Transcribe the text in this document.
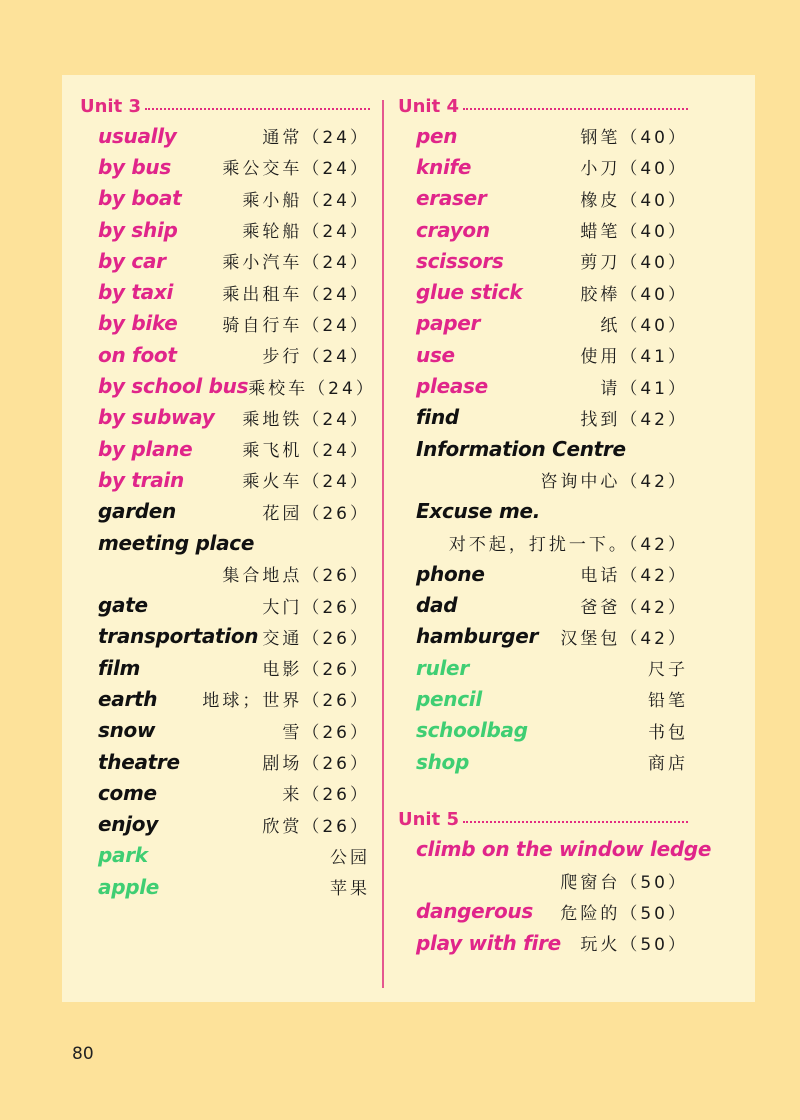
Unit 3
usually	通常（24）
by bus	乘公交车（24）
by boat	乘小船（24）
by ship	乘轮船（24）
by car	乘小汽车（24）
by taxi	乘出租车（24）
by bike	骑自行车（24）
on foot	步行（24）
by school bus 乘校车（24）
by subway 乘地铁（24）
by plane	乘飞机（24）
by train	乘火车（24）
garden	花园（26）
meeting place
集合地点（26）
gate	大门（26）
transportation 交通（26）
film	电影（26）
earth	地球；世界（26）
snow	雪（26）
theatre	剧场（26）
come	来（26）
enjoy	欣赏（26）
park	公园
apple	苹果
Unit 4
pen	钢笔（40）
knife	小刀（40）
eraser	橡皮（40）
crayon	蜡笔（40）
scissors	剪刀（40）
glue stick	胶棒（40）
paper	纸（40）
use	使用（41）
please	请（41）
find	找到（42）
Information Centre
咨询中心（42）
Excuse me.
对不起，打扰一下。（42）
phone	电话（42）
dad	爸爸（42）
hamburger 汉堡包（42）
ruler	尺子
pencil	铅笔
schoolbag	书包
shop	商店
Unit 5
climb on the window ledge
爬窗台（50）
dangerous 危险的（50）
play with fire 玩火（50）
80
